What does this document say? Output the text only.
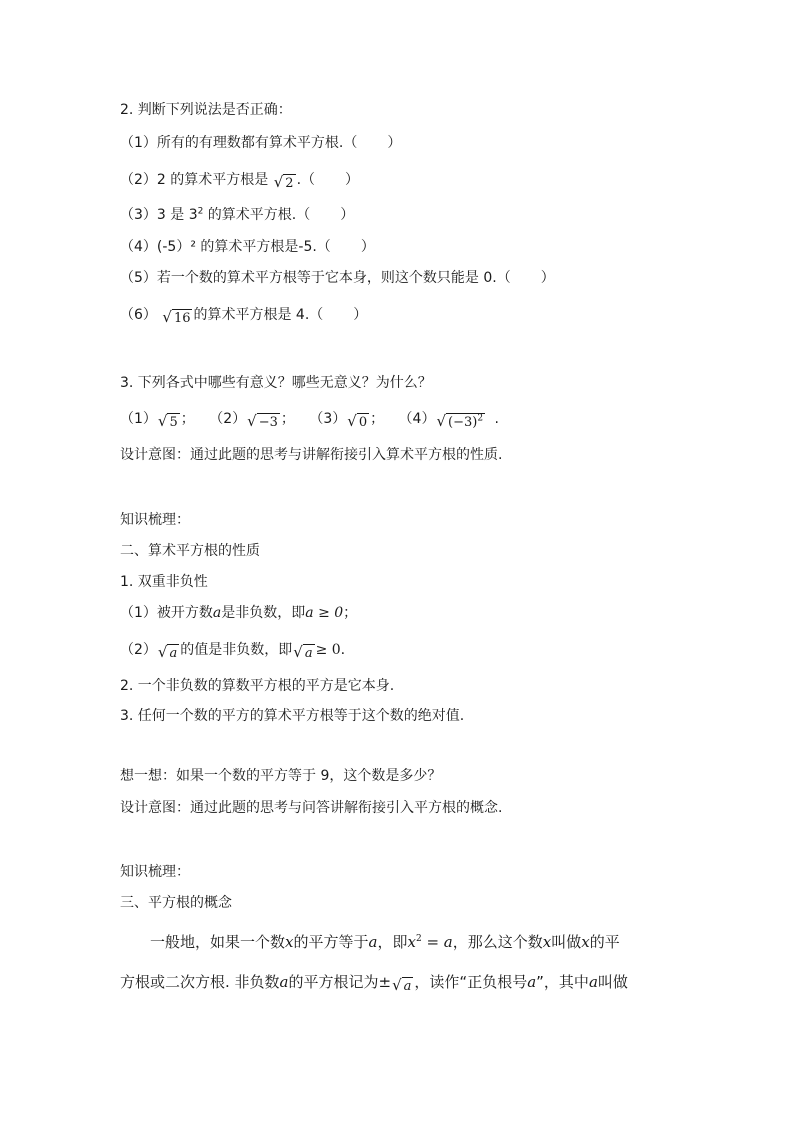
2. 判断下列说法是否正确：
（1）所有的有理数都有算术平方根.（ ）
（2）2 的算术平方根是 √ 2 .（ ）
（3）3 是 $3^2$ 的算术平方根.（ ）
（4）(-5）² 的算术平方根是-5.（ ）
（5）若一个数的算术平方根等于它本身，则这个数只能是 0.（ ）
（6） √ 16 的算术平方根是 4.（ ）
3. 下列各式中哪些有意义？哪些无意义？为什么？
（1） √ 5 ； （2） √ −3 ； （3） √ 0 ； （4） √ $(-3)^2$ .
设计意图：通过此题的思考与讲解衔接引入算术平方根的性质.
知识梳理：
二、算术平方根的性质
1. 双重非负性
（1）被开方数a是非负数，即a ≥ 0；
（2） √ a 的值是非负数，即 √ a ≥ 0.
2. 一个非负数的算数平方根的平方是它本身.
3. 任何一个数的平方的算术平方根等于这个数的绝对值.
想一想：如果一个数的平方等于 9，这个数是多少？
设计意图：通过此题的思考与问答讲解衔接引入平方根的概念.
知识梳理：
三、平方根的概念
一般地，如果一个数x的平方等于a，即$x^2 = a$，那么这个数x叫做x的平
方根或二次方根. 非负数a的平方根记为± √ a ，读作“正负根号a”，其中a叫做
